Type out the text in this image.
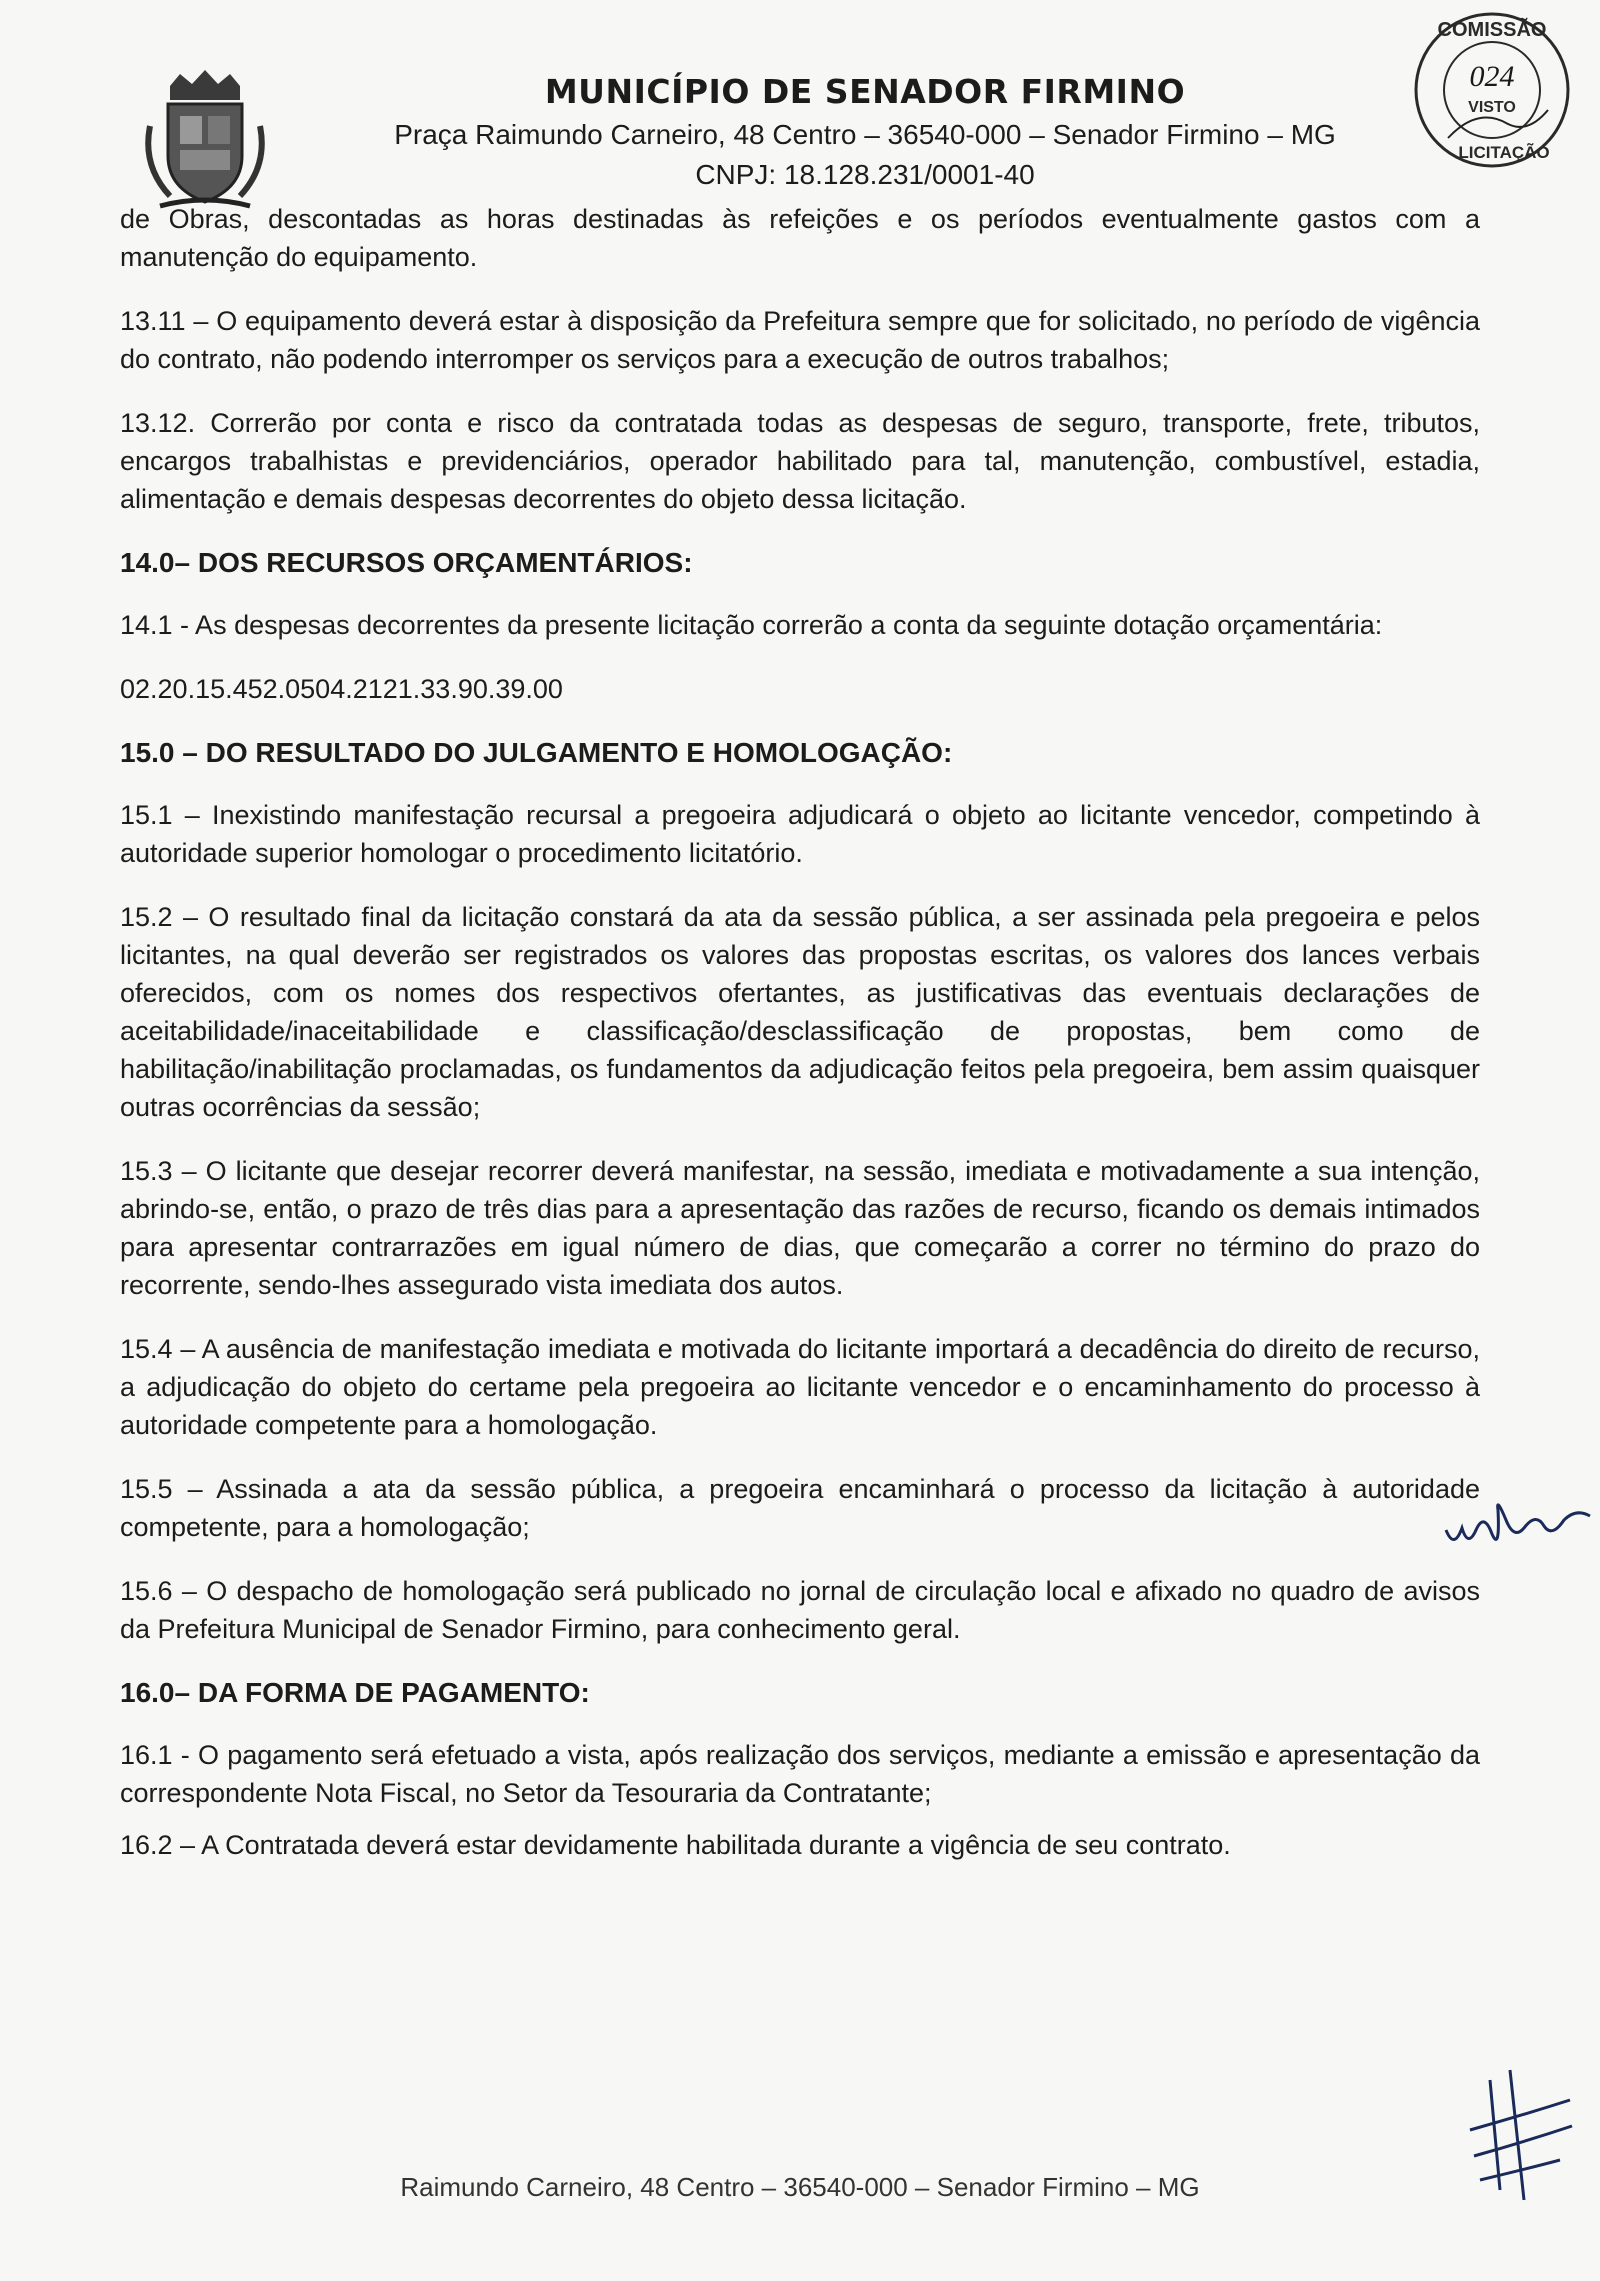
MUNICÍPIO DE SENADOR FIRMINO
Praça Raimundo Carneiro, 48 Centro – 36540-000 – Senador Firmino – MG
CNPJ: 18.128.231/0001-40
COMISSÃO
024
VISTO
LICITAÇÃO

de Obras, descontadas as horas destinadas às refeições e os períodos eventualmente gastos com a manutenção do equipamento.

13.11 – O equipamento deverá estar à disposição da Prefeitura sempre que for solicitado, no período de vigência do contrato, não podendo interromper os serviços para a execução de outros trabalhos;

13.12. Correrão por conta e risco da contratada todas as despesas de seguro, transporte, frete, tributos, encargos trabalhistas e previdenciários, operador habilitado para tal, manutenção, combustível, estadia, alimentação e demais despesas decorrentes do objeto dessa licitação.

14.0– DOS RECURSOS ORÇAMENTÁRIOS:

14.1 - As despesas decorrentes da presente licitação correrão a conta da seguinte dotação orçamentária:

02.20.15.452.0504.2121.33.90.39.00

15.0 – DO RESULTADO DO JULGAMENTO E HOMOLOGAÇÃO:

15.1 – Inexistindo manifestação recursal a pregoeira adjudicará o objeto ao licitante vencedor, competindo à autoridade superior homologar o procedimento licitatório.

15.2 – O resultado final da licitação constará da ata da sessão pública, a ser assinada pela pregoeira e pelos licitantes, na qual deverão ser registrados os valores das propostas escritas, os valores dos lances verbais oferecidos, com os nomes dos respectivos ofertantes, as justificativas das eventuais declarações de aceitabilidade/inaceitabilidade e classificação/desclassificação de propostas, bem como de habilitação/inabilitação proclamadas, os fundamentos da adjudicação feitos pela pregoeira, bem assim quaisquer outras ocorrências da sessão;

15.3 – O licitante que desejar recorrer deverá manifestar, na sessão, imediata e motivadamente a sua intenção, abrindo-se, então, o prazo de três dias para a apresentação das razões de recurso, ficando os demais intimados para apresentar contrarrazões em igual número de dias, que começarão a correr no término do prazo do recorrente, sendo-lhes assegurado vista imediata dos autos.

15.4 – A ausência de manifestação imediata e motivada do licitante importará a decadência do direito de recurso, a adjudicação do objeto do certame pela pregoeira ao licitante vencedor e o encaminhamento do processo à autoridade competente para a homologação.

15.5 – Assinada a ata da sessão pública, a pregoeira encaminhará o processo da licitação à autoridade competente, para a homologação;

15.6 – O despacho de homologação será publicado no jornal de circulação local e afixado no quadro de avisos da Prefeitura Municipal de Senador Firmino, para conhecimento geral.

16.0– DA FORMA DE PAGAMENTO:

16.1 - O pagamento será efetuado a vista, após realização dos serviços, mediante a emissão e apresentação da correspondente Nota Fiscal, no Setor da Tesouraria da Contratante;

16.2 – A Contratada deverá estar devidamente habilitada durante a vigência de seu contrato.

Raimundo Carneiro, 48 Centro – 36540-000 – Senador Firmino – MG
